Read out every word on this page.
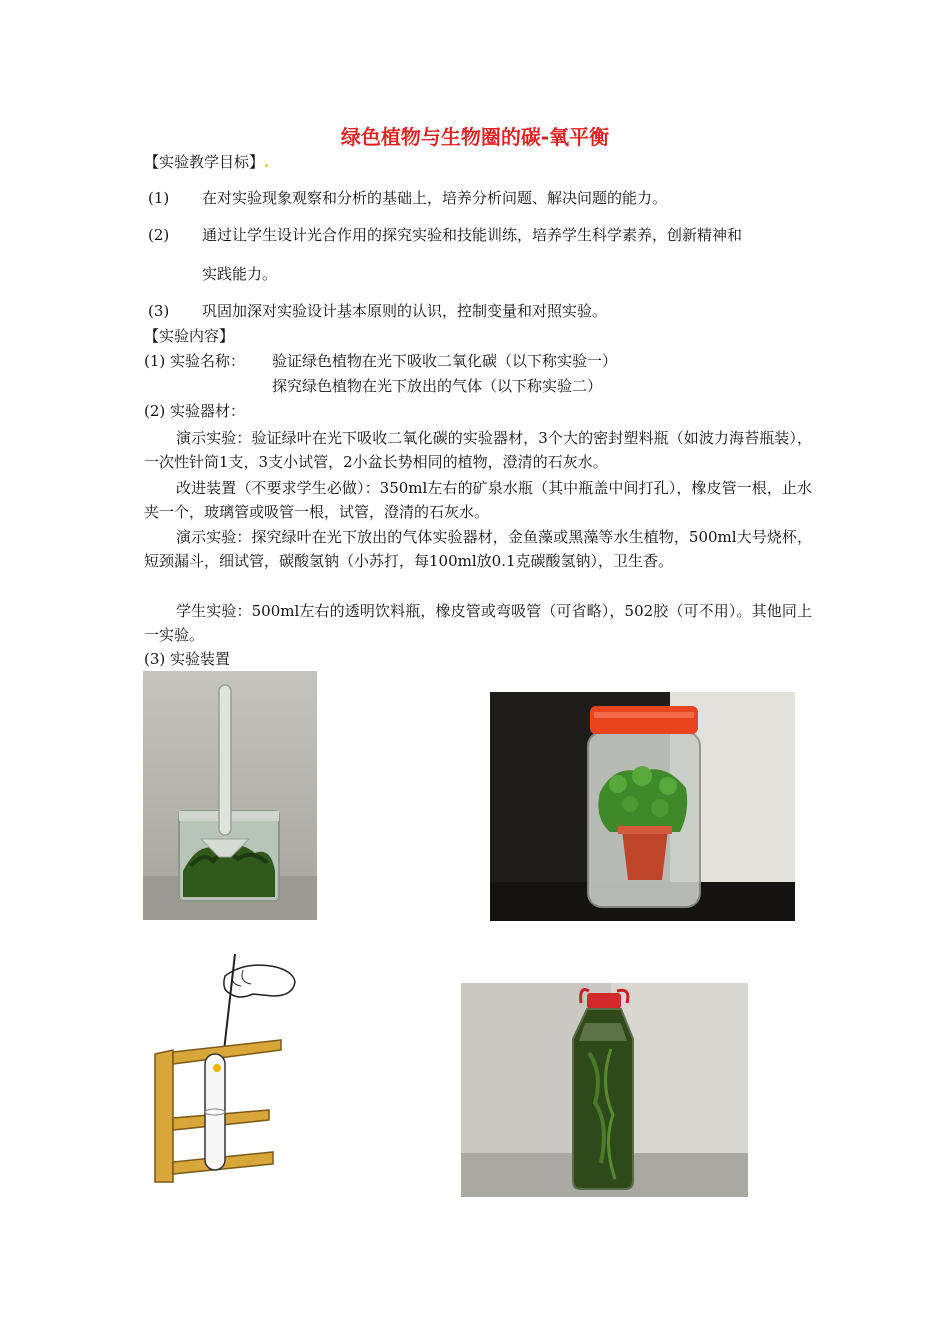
绿色植物与生物圈的碳-氧平衡
【实验教学目标】.
(1) 在对实验现象观察和分析的基础上，培养分析问题、解决问题的能力。
(2) 通过让学生设计光合作用的探究实验和技能训练，培养学生科学素养，创新精神和
实践能力。
(3) 巩固加深对实验设计基本原则的认识，控制变量和对照实验。
【实验内容】
(1) 实验名称： 验证绿色植物在光下吸收二氧化碳（以下称实验一）
探究绿色植物在光下放出的气体（以下称实验二）
(2) 实验器材：
演示实验：验证绿叶在光下吸收二氧化碳的实验器材，3个大的密封塑料瓶（如波力海苔瓶装），一次性针筒1支，3支小试管，2小盆长势相同的植物，澄清的石灰水。
改进装置（不要求学生必做）：350ml左右的矿泉水瓶（其中瓶盖中间打孔），橡皮管一根，止水夹一个，玻璃管或吸管一根，试管，澄清的石灰水。
演示实验：探究绿叶在光下放出的气体实验器材，金鱼藻或黑藻等水生植物，500ml大号烧杯，短颈漏斗，细试管，碳酸氢钠（小苏打，每100ml放0.1克碳酸氢钠），卫生香。
学生实验：500ml左右的透明饮料瓶，橡皮管或弯吸管（可省略），502胶（可不用）。其他同上一实验。
(3) 实验装置
